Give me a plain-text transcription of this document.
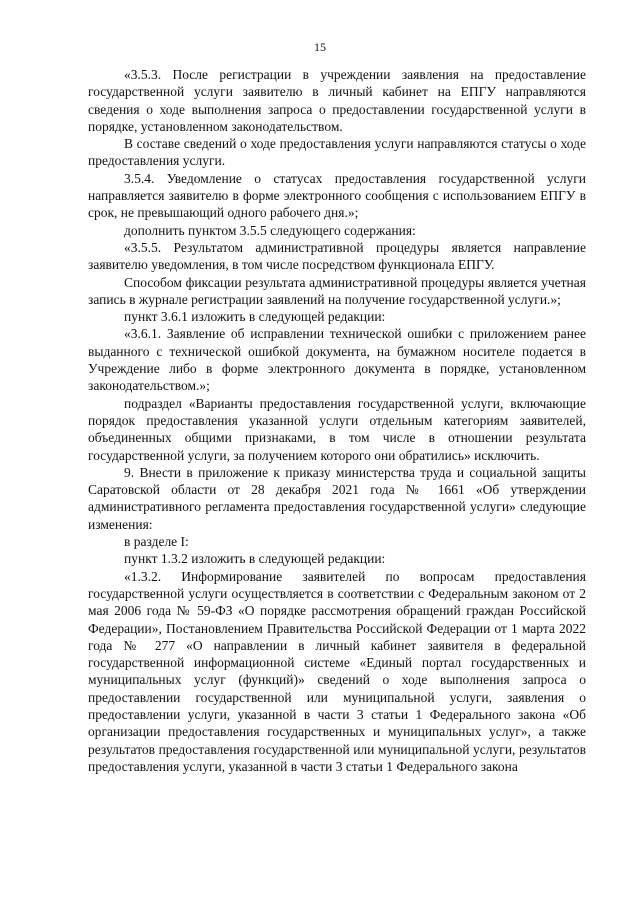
15

«3.5.3. После регистрации в учреждении заявления на предоставление государственной услуги заявителю в личный кабинет на ЕПГУ направляются сведения о ходе выполнения запроса о предоставлении государственной услуги в порядке, установленном законодательством.

В составе сведений о ходе предоставления услуги направляются статусы о ходе предоставления услуги.

3.5.4. Уведомление о статусах предоставления государственной услуги направляется заявителю в форме электронного сообщения с использованием ЕПГУ в срок, не превышающий одного рабочего дня.»;

дополнить пунктом 3.5.5 следующего содержания:

«3.5.5. Результатом административной процедуры является направление заявителю уведомления, в том числе посредством функционала ЕПГУ.

Способом фиксации результата административной процедуры является учетная запись в журнале регистрации заявлений на получение государственной услуги.»;

пункт 3.6.1 изложить в следующей редакции:

«3.6.1. Заявление об исправлении технической ошибки с приложением ранее выданного с технической ошибкой документа, на бумажном носителе подается в Учреждение либо в форме электронного документа в порядке, установленном законодательством.»;

подраздел «Варианты предоставления государственной услуги, включающие порядок предоставления указанной услуги отдельным категориям заявителей, объединенных общими признаками, в том числе в отношении результата государственной услуги, за получением которого они обратились» исключить.

9. Внести в приложение к приказу министерства труда и социальной защиты Саратовской области от 28 декабря 2021 года № 1661 «Об утверждении административного регламента предоставления государственной услуги» следующие изменения:

в разделе I:

пункт 1.3.2 изложить в следующей редакции:

«1.3.2. Информирование заявителей по вопросам предоставления государственной услуги осуществляется в соответствии с Федеральным законом от 2 мая 2006 года № 59-ФЗ «О порядке рассмотрения обращений граждан Российской Федерации», Постановлением Правительства Российской Федерации от 1 марта 2022 года № 277 «О направлении в личный кабинет заявителя в федеральной государственной информационной системе «Единый портал государственных и муниципальных услуг (функций)» сведений о ходе выполнения запроса о предоставлении государственной или муниципальной услуги, заявления о предоставлении услуги, указанной в части 3 статьи 1 Федерального закона «Об организации предоставления государственных и муниципальных услуг», а также результатов предоставления государственной или муниципальной услуги, результатов предоставления услуги, указанной в части 3 статьи 1 Федерального закона
